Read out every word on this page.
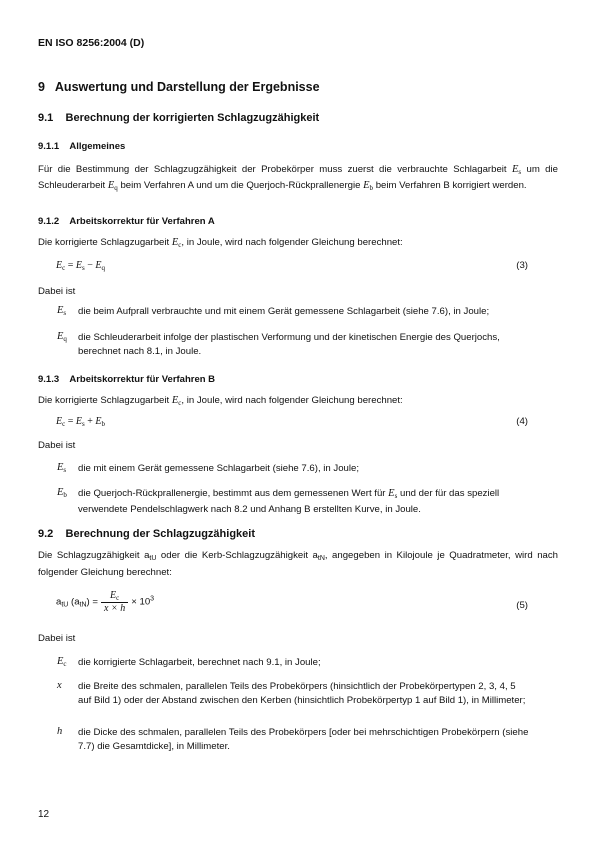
EN ISO 8256:2004 (D)
9   Auswertung und Darstellung der Ergebnisse
9.1    Berechnung der korrigierten Schlagzugzähigkeit
9.1.1    Allgemeines
Für die Bestimmung der Schlagzugzähigkeit der Probekörper muss zuerst die verbrauchte Schlagarbeit $E_s$ um die Schleuderarbeit $E_q$ beim Verfahren A und um die Querjoch-Rückprallenergie $E_b$ beim Verfahren B korrigiert werden.
9.1.2    Arbeitskorrektur für Verfahren A
Die korrigierte Schlagzugarbeit $E_c$, in Joule, wird nach folgender Gleichung berechnet:
$E_c = E_s - E_q$	(3)
Dabei ist
$E_s$	die beim Aufprall verbrauchte und mit einem Gerät gemessene Schlagarbeit (siehe 7.6), in Joule;
$E_q$	die Schleuderarbeit infolge der plastischen Verformung und der kinetischen Energie des Querjochs, berechnet nach 8.1, in Joule.
9.1.3    Arbeitskorrektur für Verfahren B
Die korrigierte Schlagzugarbeit $E_c$, in Joule, wird nach folgender Gleichung berechnet:
$E_c = E_s + E_b$	(4)
Dabei ist
$E_s$	die mit einem Gerät gemessene Schlagarbeit (siehe 7.6), in Joule;
$E_b$	die Querjoch-Rückprallenergie, bestimmt aus dem gemessenen Wert für $E_s$ und der für das speziell verwendete Pendelschlagwerk nach 8.2 und Anhang B erstellten Kurve, in Joule.
9.2    Berechnung der Schlagzugzähigkeit
Die Schlagzugzähigkeit $a_{tU}$ oder die Kerb-Schlagzugzähigkeit $a_{tN}$, angegeben in Kilojoule je Quadratmeter, wird nach folgender Gleichung berechnet:
$a_{tU}$ $(a_{tN}) = \frac{E_c}{x \times h} \times 10^3$
(5)
Dabei ist
$E_c$	die korrigierte Schlagarbeit, berechnet nach 9.1, in Joule;
x	die Breite des schmalen, parallelen Teils des Probekörpers (hinsichtlich der Probekörpertypen 2, 3, 4, 5 auf Bild 1) oder der Abstand zwischen den Kerben (hinsichtlich Probekörpertyp 1 auf Bild 1), in Millimeter;
h	die Dicke des schmalen, parallelen Teils des Probekörpers [oder bei mehrschichtigen Probekörpern (siehe 7.7) die Gesamtdicke], in Millimeter.
12
